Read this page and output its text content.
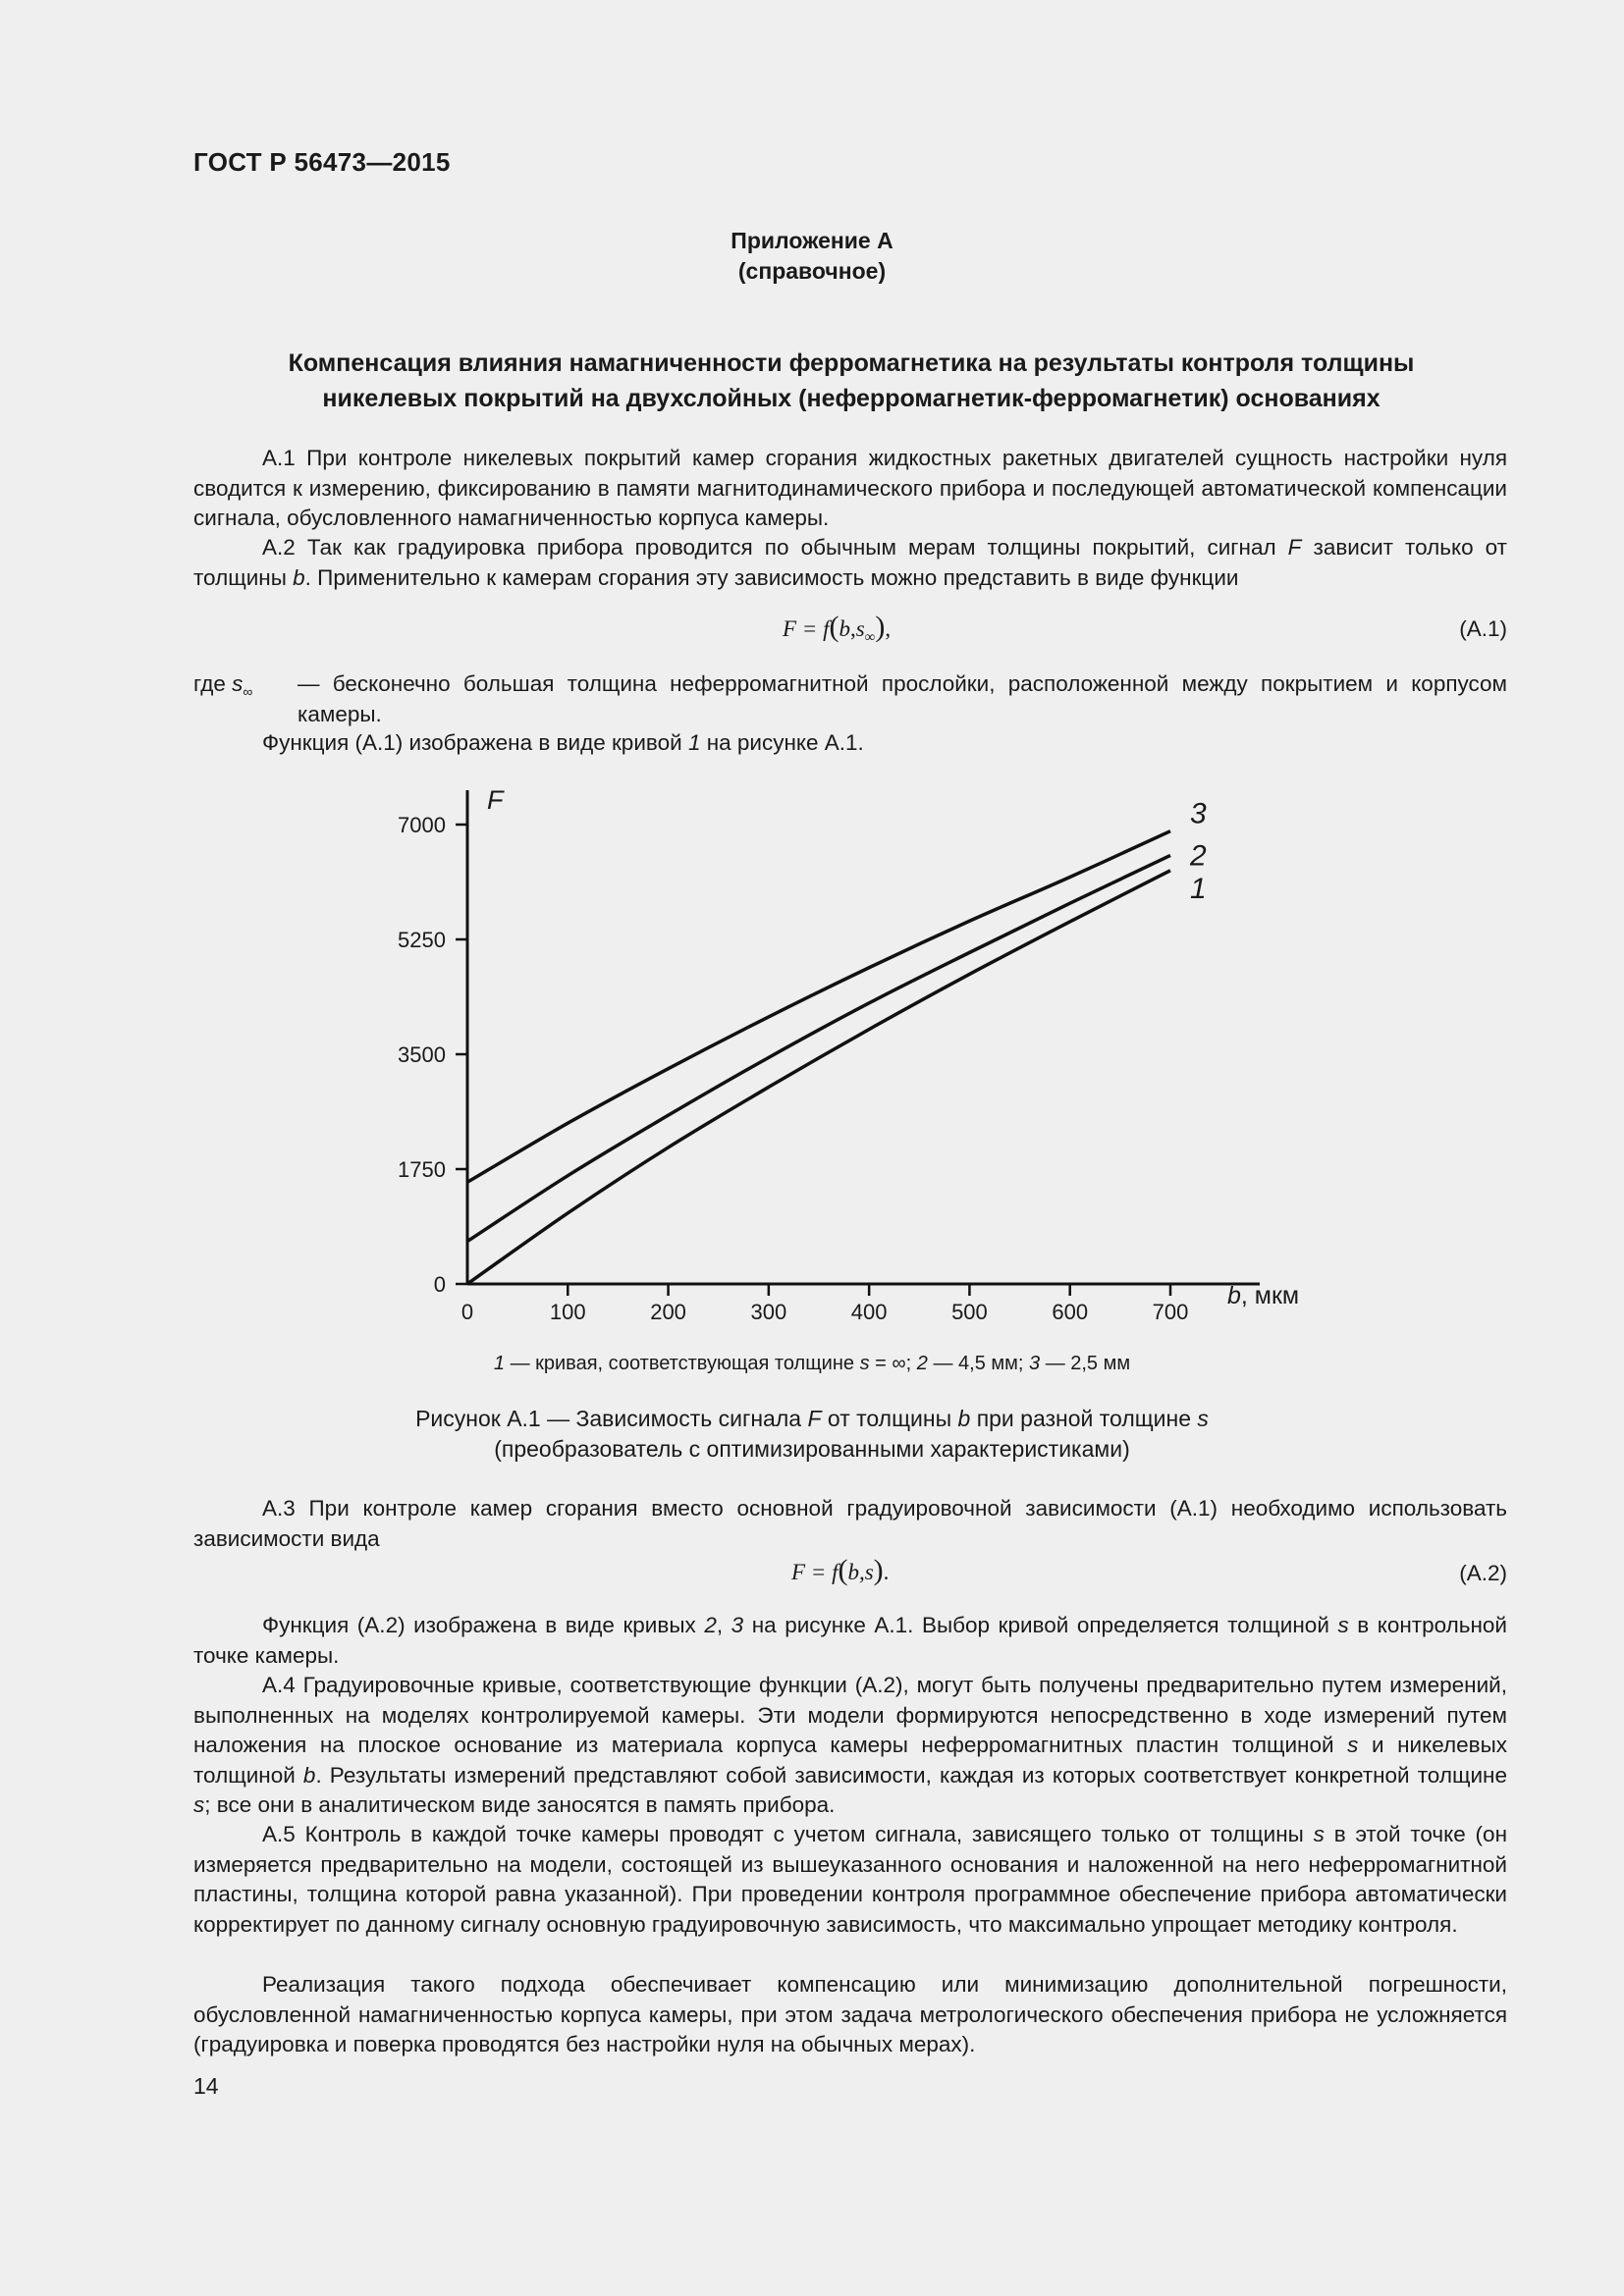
ГОСТ Р 56473—2015
Приложение А
(справочное)
Компенсация влияния намагниченности ферромагнетика на результаты контроля толщины
никелевых покрытий на двухслойных (неферромагнетик-ферромагнетик) основаниях
А.1 При контроле никелевых покрытий камер сгорания жидкостных ракетных двигателей сущность настройки нуля сводится к измерению, фиксированию в памяти магнитодинамического прибора и последующей автоматической компенсации сигнала, обусловленного намагниченностью корпуса камеры.
А.2 Так как градуировка прибора проводится по обычным мерам толщины покрытий, сигнал F зависит только от толщины b. Применительно к камерам сгорания эту зависимость можно представить в виде функции
$F = f(b,s_\infty)$,	(А.1)
где $s_\infty$	— бесконечно большая толщина неферромагнитной прослойки, расположенной между покрытием и корпусом камеры.
Функция (А.1) изображена в виде кривой 1 на рисунке А.1.
0
1750
3500
5250
7000
0	100	200	300	400	500	600	700
F
b, мкм
1
2
3
1 — кривая, соответствующая толщине s = ∞; 2 — 4,5 мм; 3 — 2,5 мм
Рисунок А.1 — Зависимость сигнала F от толщины b при разной толщине s
(преобразователь с оптимизированными характеристиками)
А.3 При контроле камер сгорания вместо основной градуировочной зависимости (А.1) необходимо использовать зависимости вида
F = f(b,s).	(А.2)
Функция (А.2) изображена в виде кривых 2, 3 на рисунке А.1. Выбор кривой определяется толщиной s в контрольной точке камеры.
А.4 Градуировочные кривые, соответствующие функции (А.2), могут быть получены предварительно путем измерений, выполненных на моделях контролируемой камеры. Эти модели формируются непосредственно в ходе измерений путем наложения на плоское основание из материала корпуса камеры неферромагнитных пластин толщиной s и никелевых толщиной b. Результаты измерений представляют собой зависимости, каждая из которых соответствует конкретной толщине s; все они в аналитическом виде заносятся в память прибора.
А.5 Контроль в каждой точке камеры проводят с учетом сигнала, зависящего только от толщины s в этой точке (он измеряется предварительно на модели, состоящей из вышеуказанного основания и наложенной на него неферромагнитной пластины, толщина которой равна указанной). При проведении контроля программное обеспечение прибора автоматически корректирует по данному сигналу основную градуировочную зависимость, что максимально упрощает методику контроля.
Реализация такого подхода обеспечивает компенсацию или минимизацию дополнительной погрешности, обусловленной намагниченностью корпуса камеры, при этом задача метрологического обеспечения прибора не усложняется (градуировка и поверка проводятся без настройки нуля на обычных мерах).
14
